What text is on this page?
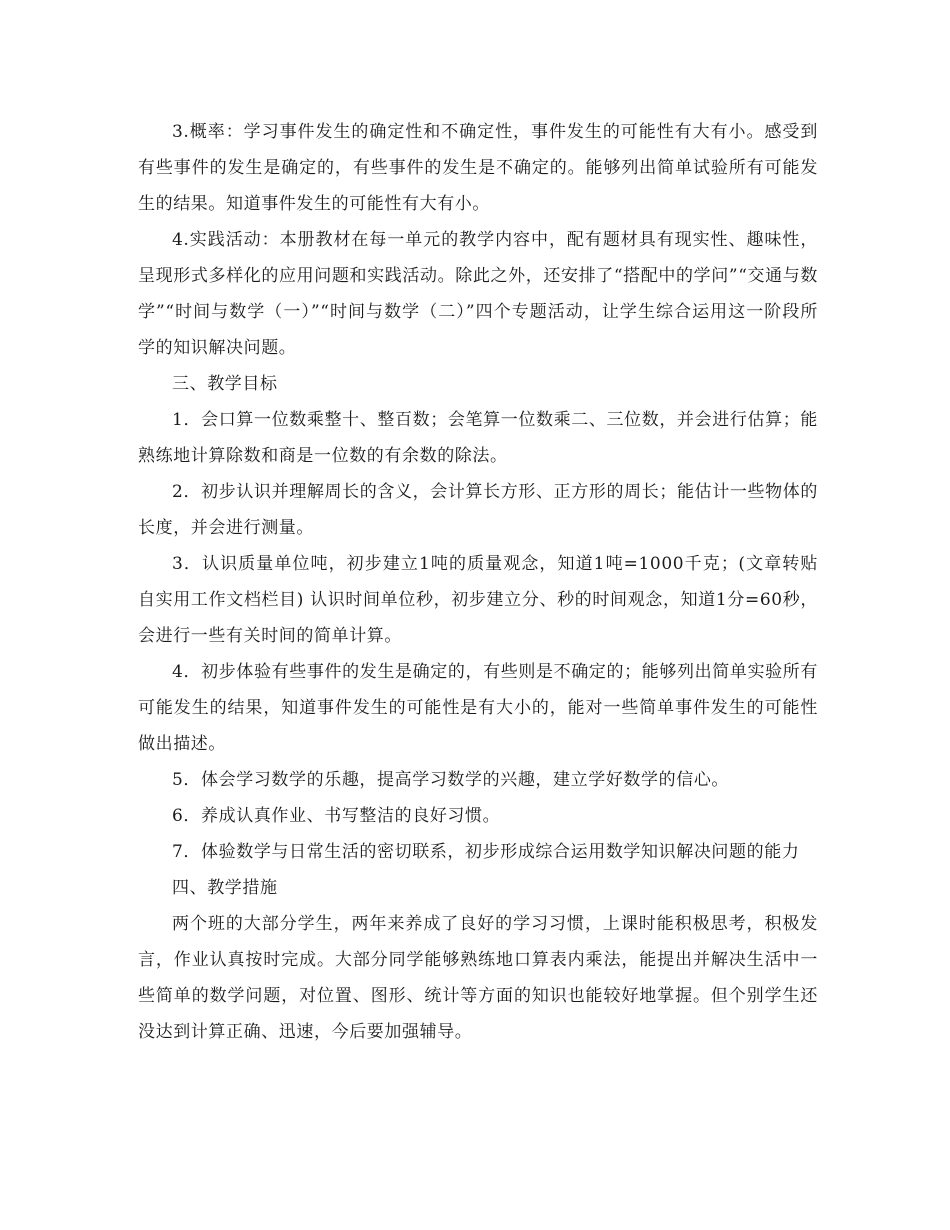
3.概率：学习事件发生的确定性和不确定性，事件发生的可能性有大有小。感受到有些事件的发生是确定的，有些事件的发生是不确定的。能够列出简单试验所有可能发生的结果。知道事件发生的可能性有大有小。

4.实践活动：本册教材在每一单元的教学内容中，配有题材具有现实性、趣味性，呈现形式多样化的应用问题和实践活动。除此之外，还安排了“搭配中的学问”“交通与数学”“时间与数学（一）”“时间与数学（二）”四个专题活动，让学生综合运用这一阶段所学的知识解决问题。

三、教学目标

1．会口算一位数乘整十、整百数；会笔算一位数乘二、三位数，并会进行估算；能熟练地计算除数和商是一位数的有余数的除法。

2．初步认识并理解周长的含义，会计算长方形、正方形的周长；能估计一些物体的长度，并会进行测量。

3．认识质量单位吨，初步建立1吨的质量观念，知道1吨=1000千克；(文章转贴自实用工作文档栏目) 认识时间单位秒，初步建立分、秒的时间观念，知道1分=60秒，会进行一些有关时间的简单计算。

4．初步体验有些事件的发生是确定的，有些则是不确定的；能够列出简单实验所有可能发生的结果，知道事件发生的可能性是有大小的，能对一些简单事件发生的可能性做出描述。

5．体会学习数学的乐趣，提高学习数学的兴趣，建立学好数学的信心。

6．养成认真作业、书写整洁的良好习惯。

7．体验数学与日常生活的密切联系，初步形成综合运用数学知识解决问题的能力

四、教学措施

两个班的大部分学生，两年来养成了良好的学习习惯，上课时能积极思考，积极发言，作业认真按时完成。大部分同学能够熟练地口算表内乘法，能提出并解决生活中一些简单的数学问题，对位置、图形、统计等方面的知识也能较好地掌握。但个别学生还没达到计算正确、迅速，今后要加强辅导。
